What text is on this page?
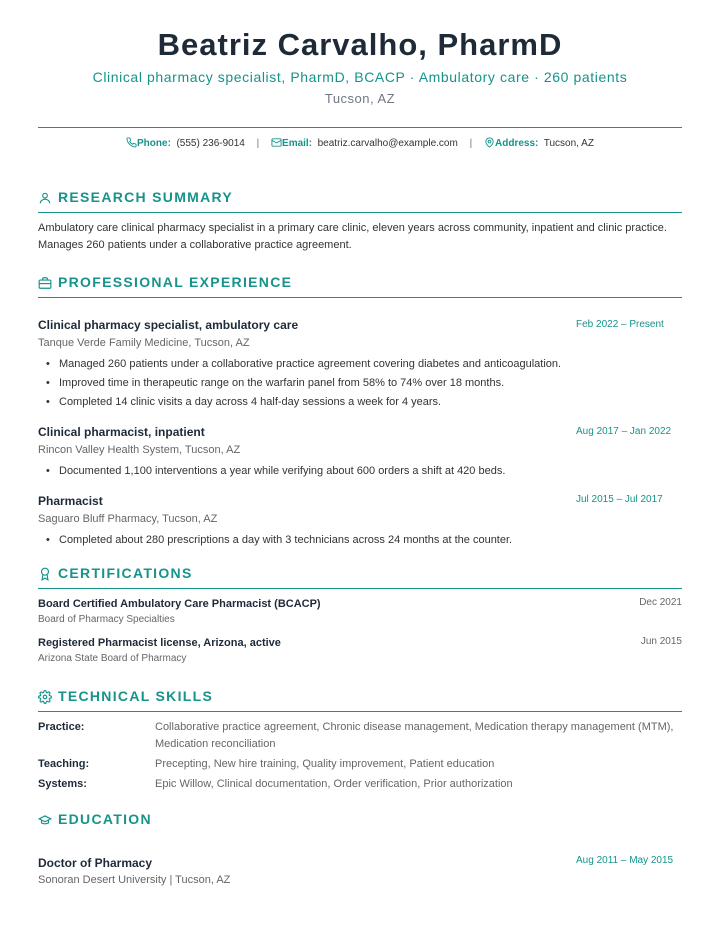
Beatriz Carvalho, PharmD
Clinical pharmacy specialist, PharmD, BCACP · Ambulatory care · 260 patients
Tucson, AZ
Phone: (555) 236-9014 | Email: beatriz.carvalho@example.com | Address: Tucson, AZ
RESEARCH SUMMARY
Ambulatory care clinical pharmacy specialist in a primary care clinic, eleven years across community, inpatient and clinic practice. Manages 260 patients under a collaborative practice agreement.
PROFESSIONAL EXPERIENCE
Clinical pharmacy specialist, ambulatory care	Feb 2022 – Present
Tanque Verde Family Medicine, Tucson, AZ
• Managed 260 patients under a collaborative practice agreement covering diabetes and anticoagulation.
• Improved time in therapeutic range on the warfarin panel from 58% to 74% over 18 months.
• Completed 14 clinic visits a day across 4 half-day sessions a week for 4 years.
Clinical pharmacist, inpatient	Aug 2017 – Jan 2022
Rincon Valley Health System, Tucson, AZ
• Documented 1,100 interventions a year while verifying about 600 orders a shift at 420 beds.
Pharmacist	Jul 2015 – Jul 2017
Saguaro Bluff Pharmacy, Tucson, AZ
• Completed about 280 prescriptions a day with 3 technicians across 24 months at the counter.
CERTIFICATIONS
Board Certified Ambulatory Care Pharmacist (BCACP)	Dec 2021
Board of Pharmacy Specialties
Registered Pharmacist license, Arizona, active	Jun 2015
Arizona State Board of Pharmacy
TECHNICAL SKILLS
Practice:	Collaborative practice agreement, Chronic disease management, Medication therapy management (MTM), Medication reconciliation
Teaching:	Precepting, New hire training, Quality improvement, Patient education
Systems:	Epic Willow, Clinical documentation, Order verification, Prior authorization
EDUCATION
Doctor of Pharmacy	Aug 2011 – May 2015
Sonoran Desert University | Tucson, AZ
